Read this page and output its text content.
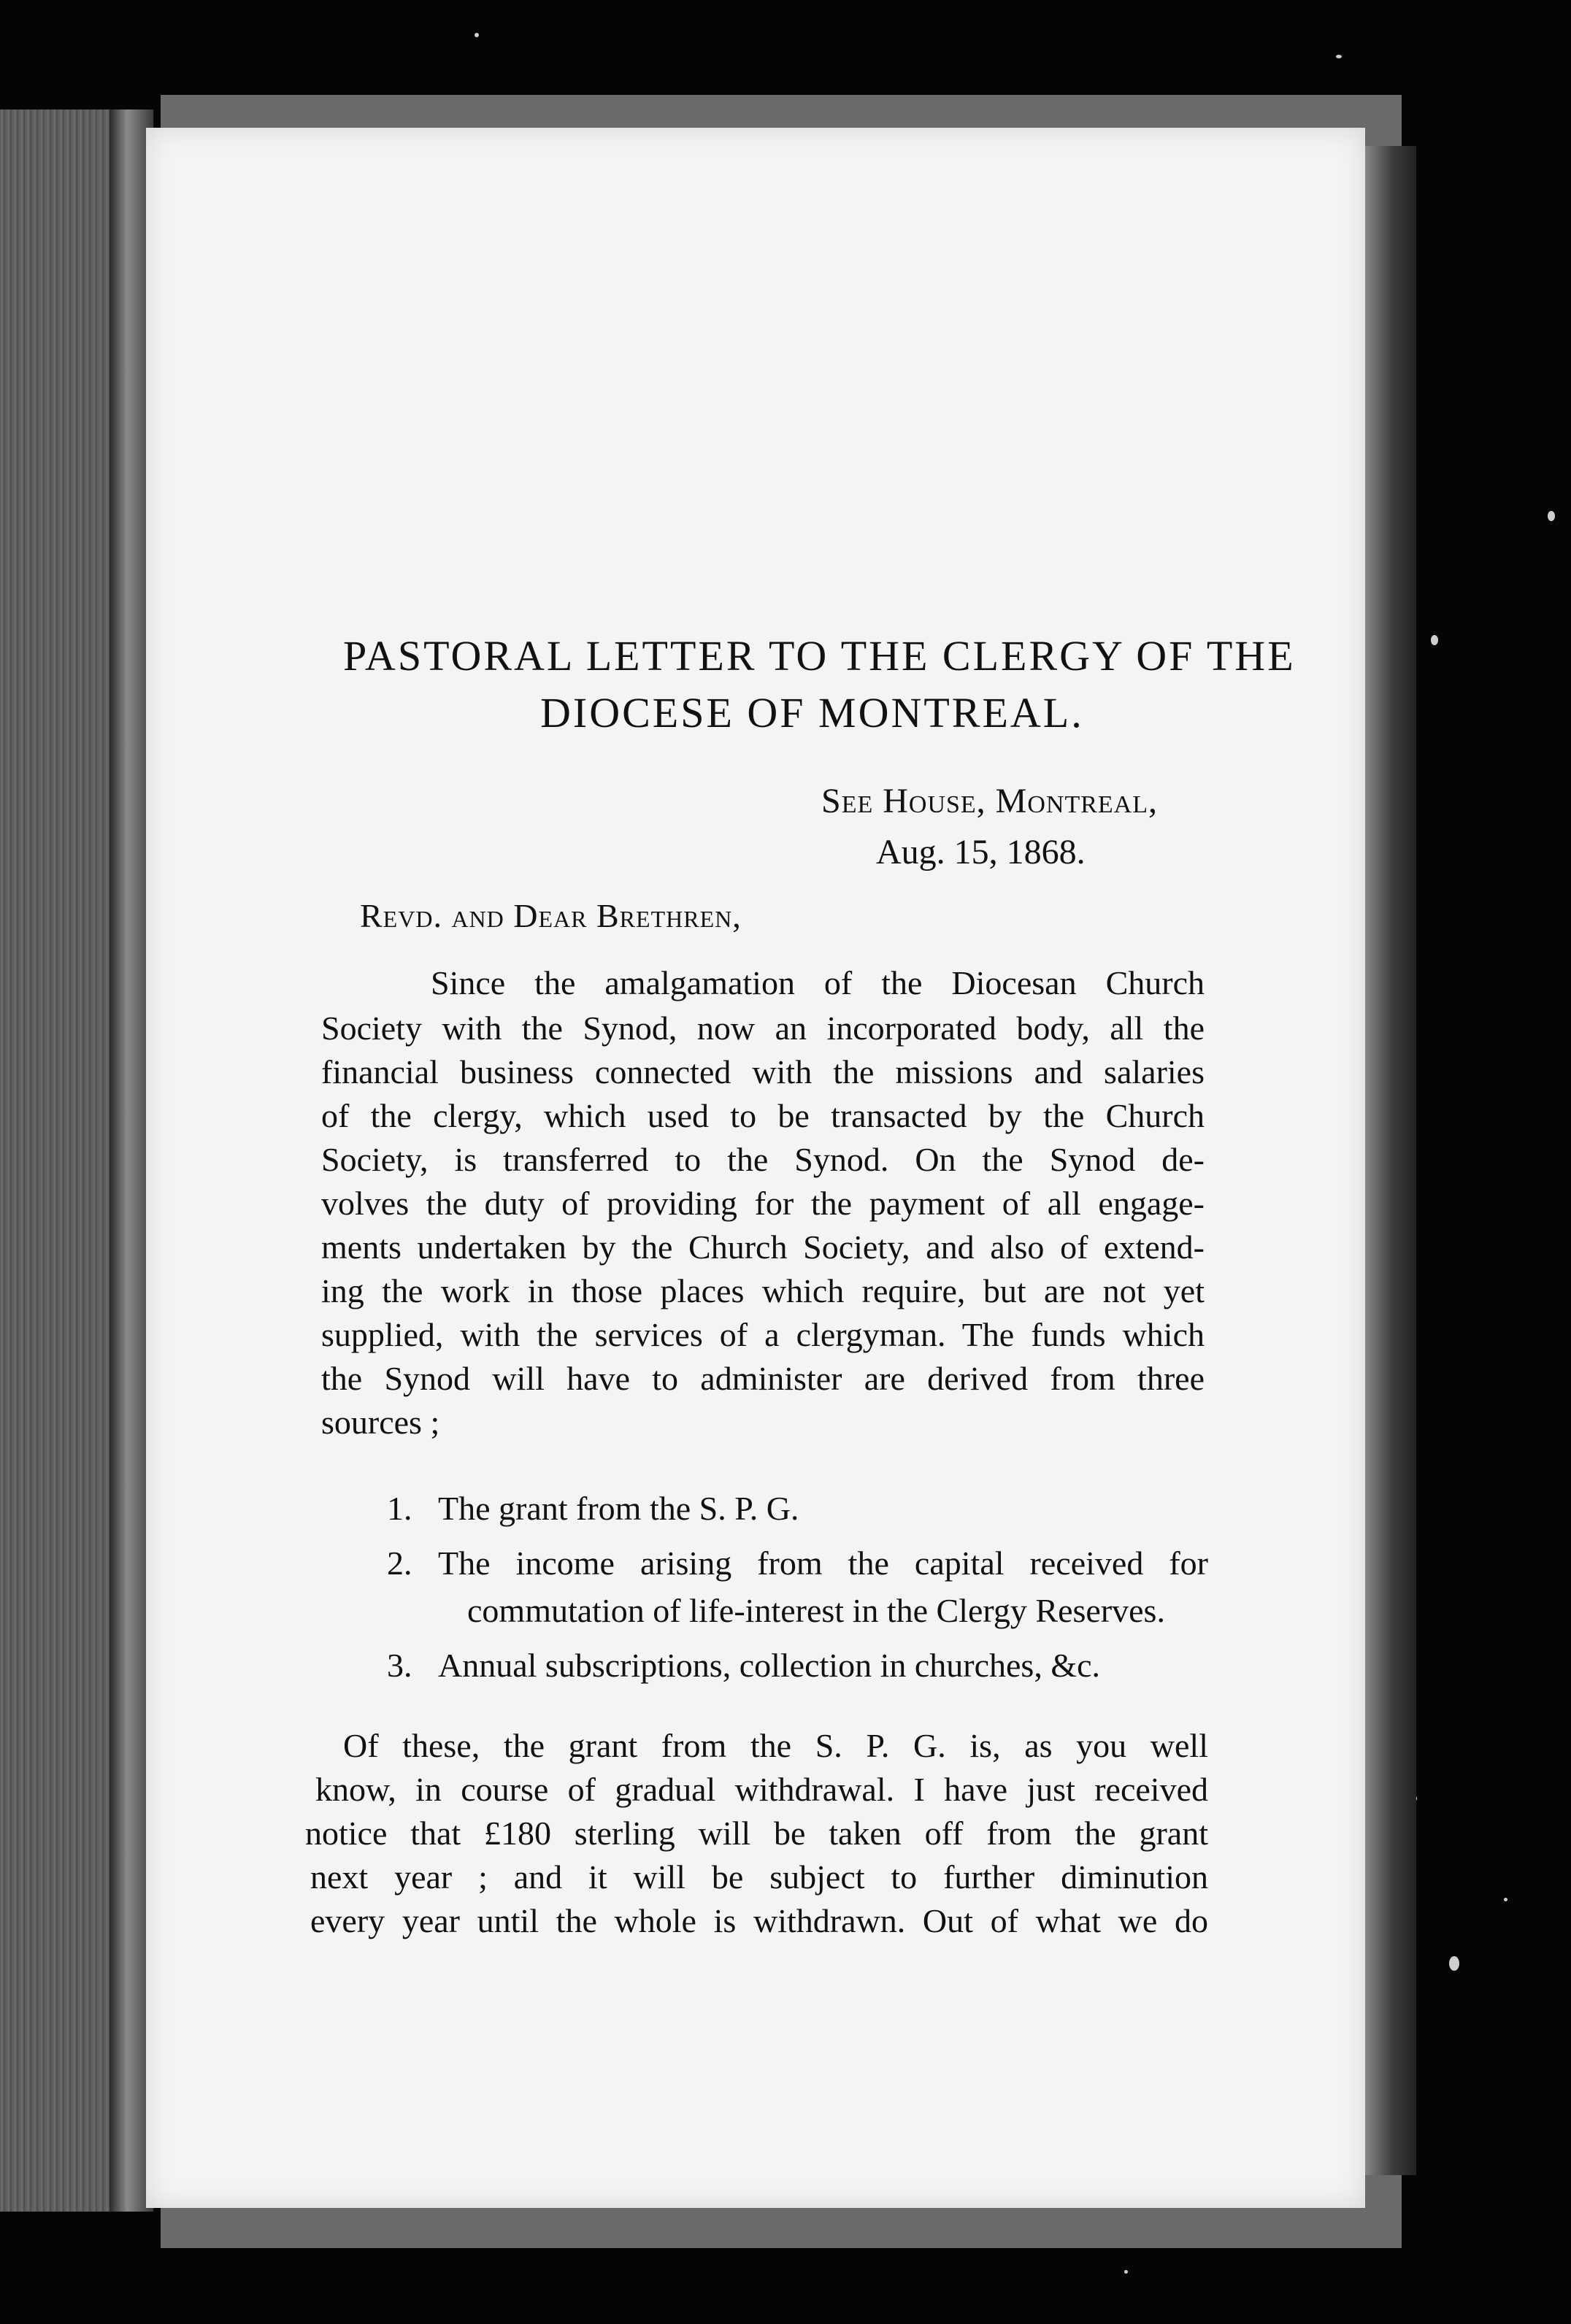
PASTORAL LETTER TO THE CLERGY OF THE
DIOCESE OF MONTREAL.
See House, Montreal,
Aug. 15, 1868.
Revd. and Dear Brethren,
Since the amalgamation of the Diocesan Church
Society with the Synod, now an incorporated body, all the
financial business connected with the missions and salaries
of the clergy, which used to be transacted by the Church
Society, is transferred to the Synod. On the Synod de-
volves the duty of providing for the payment of all engage-
ments undertaken by the Church Society, and also of extend-
ing the work in those places which require, but are not yet
supplied, with the services of a clergyman. The funds which
the Synod will have to administer are derived from three
sources ;
1. The grant from the S. P. G.
2. The income arising from the capital received for
commutation of life-interest in the Clergy Reserves.
3. Annual subscriptions, collection in churches, &c.
Of these, the grant from the S. P. G. is, as you well
know, in course of gradual withdrawal. I have just received
notice that £180 sterling will be taken off from the grant
next year ; and it will be subject to further diminution
every year until the whole is withdrawn. Out of what we do
